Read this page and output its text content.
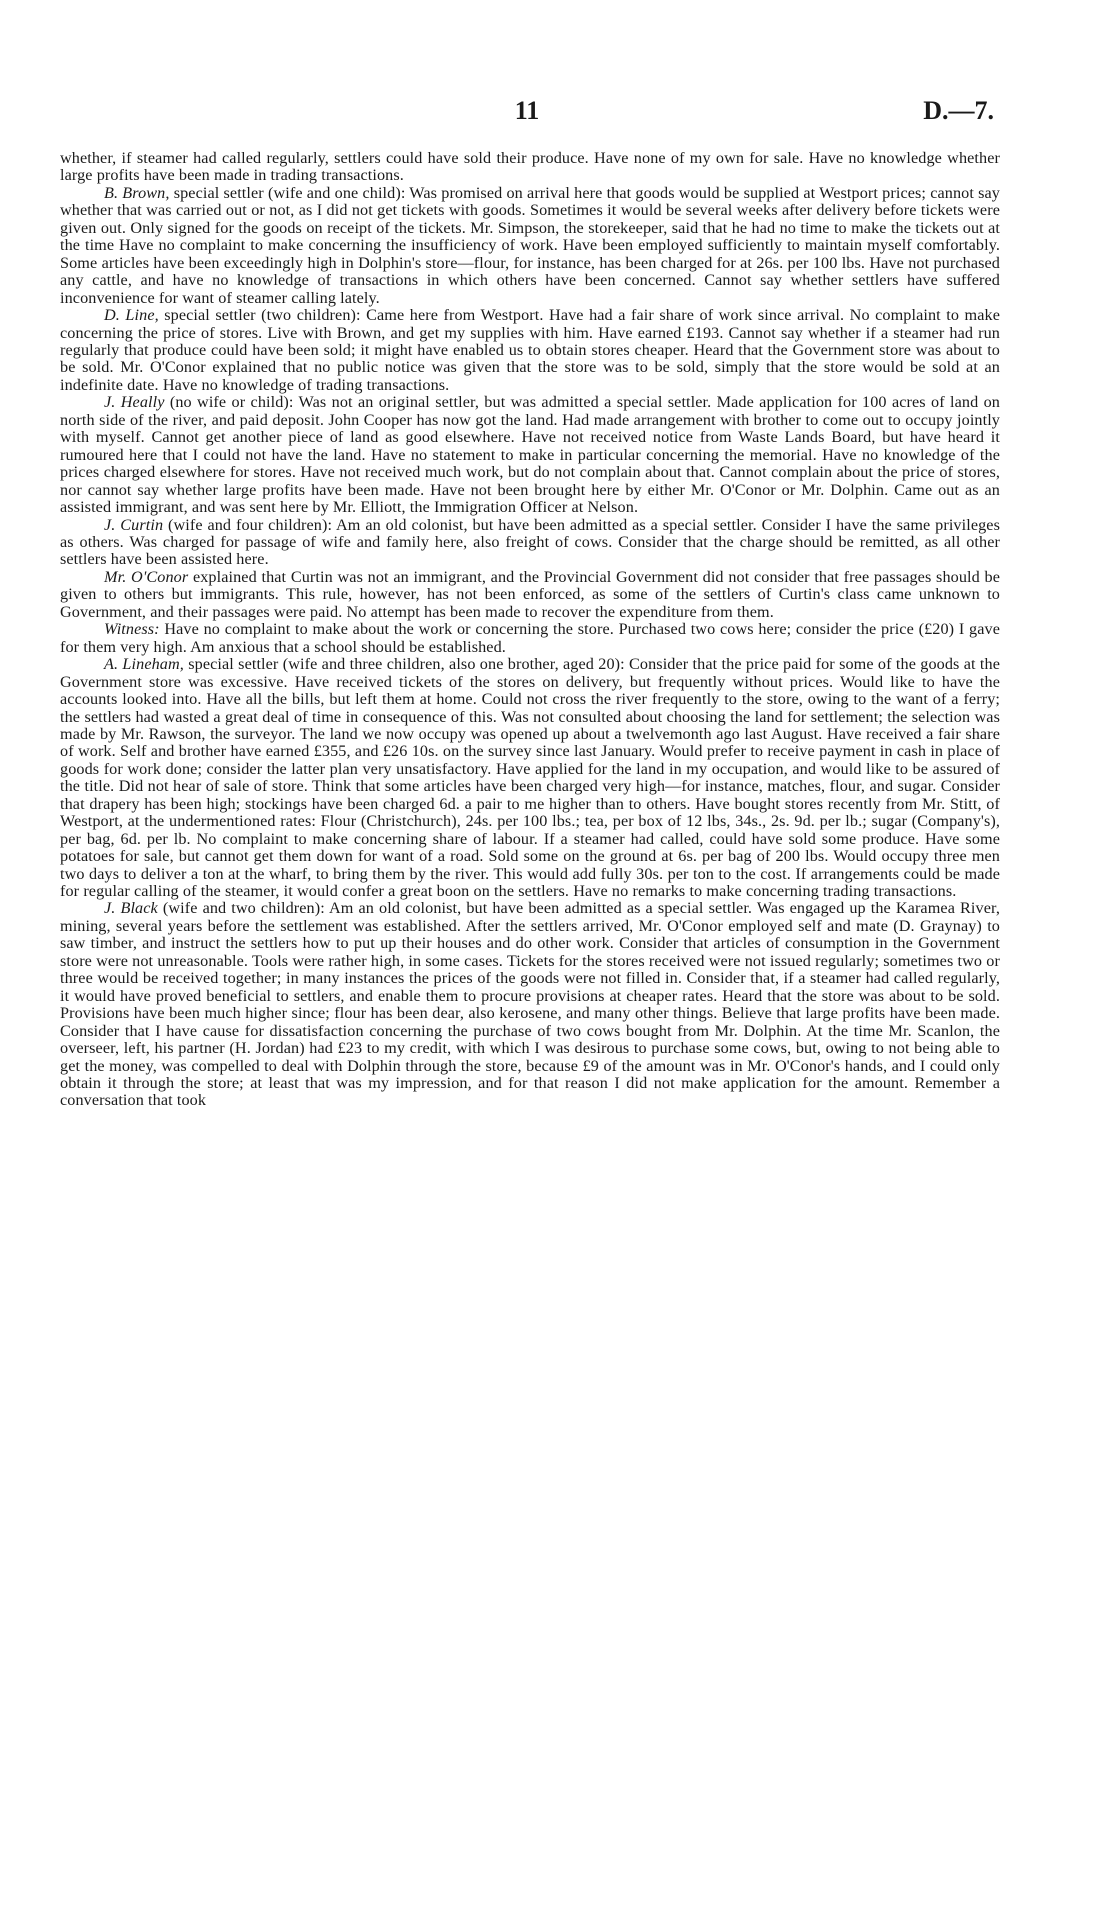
11	D.—7.

whether, if steamer had called regularly, settlers could have sold their produce. Have none of my own for sale. Have no knowledge whether large profits have been made in trading transactions.

B. Brown, special settler (wife and one child): Was promised on arrival here that goods would be supplied at Westport prices; cannot say whether that was carried out or not, as I did not get tickets with goods. Sometimes it would be several weeks after delivery before tickets were given out. Only signed for the goods on receipt of the tickets. Mr. Simpson, the storekeeper, said that he had no time to make the tickets out at the time Have no complaint to make concerning the insufficiency of work. Have been employed sufficiently to maintain myself comfortably. Some articles have been exceedingly high in Dolphin's store—flour, for instance, has been charged for at 26s. per 100 lbs. Have not purchased any cattle, and have no knowledge of transactions in which others have been concerned. Cannot say whether settlers have suffered inconvenience for want of steamer calling lately.

D. Line, special settler (two children): Came here from Westport. Have had a fair share of work since arrival. No complaint to make concerning the price of stores. Live with Brown, and get my supplies with him. Have earned £193. Cannot say whether if a steamer had run regularly that produce could have been sold; it might have enabled us to obtain stores cheaper. Heard that the Government store was about to be sold. Mr. O'Conor explained that no public notice was given that the store was to be sold, simply that the store would be sold at an indefinite date. Have no knowledge of trading transactions.

J. Heally (no wife or child): Was not an original settler, but was admitted a special settler. Made application for 100 acres of land on north side of the river, and paid deposit. John Cooper has now got the land. Had made arrangement with brother to come out to occupy jointly with myself. Cannot get another piece of land as good elsewhere. Have not received notice from Waste Lands Board, but have heard it rumoured here that I could not have the land. Have no statement to make in particular concerning the memorial. Have no knowledge of the prices charged elsewhere for stores. Have not received much work, but do not complain about that. Cannot complain about the price of stores, nor cannot say whether large profits have been made. Have not been brought here by either Mr. O'Conor or Mr. Dolphin. Came out as an assisted immigrant, and was sent here by Mr. Elliott, the Immigration Officer at Nelson.

J. Curtin (wife and four children): Am an old colonist, but have been admitted as a special settler. Consider I have the same privileges as others. Was charged for passage of wife and family here, also freight of cows. Consider that the charge should be remitted, as all other settlers have been assisted here.

Mr. O'Conor explained that Curtin was not an immigrant, and the Provincial Government did not consider that free passages should be given to others but immigrants. This rule, however, has not been enforced, as some of the settlers of Curtin's class came unknown to Government, and their passages were paid. No attempt has been made to recover the expenditure from them.

Witness: Have no complaint to make about the work or concerning the store. Purchased two cows here; consider the price (£20) I gave for them very high. Am anxious that a school should be established.

A. Lineham, special settler (wife and three children, also one brother, aged 20): Consider that the price paid for some of the goods at the Government store was excessive. Have received tickets of the stores on delivery, but frequently without prices. Would like to have the accounts looked into. Have all the bills, but left them at home. Could not cross the river frequently to the store, owing to the want of a ferry; the settlers had wasted a great deal of time in consequence of this. Was not consulted about choosing the land for settlement; the selection was made by Mr. Rawson, the surveyor. The land we now occupy was opened up about a twelvemonth ago last August. Have received a fair share of work. Self and brother have earned £355, and £26 10s. on the survey since last January. Would prefer to receive payment in cash in place of goods for work done; consider the latter plan very unsatisfactory. Have applied for the land in my occupation, and would like to be assured of the title. Did not hear of sale of store. Think that some articles have been charged very high—for instance, matches, flour, and sugar. Consider that drapery has been high; stockings have been charged 6d. a pair to me higher than to others. Have bought stores recently from Mr. Stitt, of Westport, at the undermentioned rates: Flour (Christchurch), 24s. per 100 lbs.; tea, per box of 12 lbs, 34s., 2s. 9d. per lb.; sugar (Company's), per bag, 6d. per lb. No complaint to make concerning share of labour. If a steamer had called, could have sold some produce. Have some potatoes for sale, but cannot get them down for want of a road. Sold some on the ground at 6s. per bag of 200 lbs. Would occupy three men two days to deliver a ton at the wharf, to bring them by the river. This would add fully 30s. per ton to the cost. If arrangements could be made for regular calling of the steamer, it would confer a great boon on the settlers. Have no remarks to make concerning trading transactions.

J. Black (wife and two children): Am an old colonist, but have been admitted as a special settler. Was engaged up the Karamea River, mining, several years before the settlement was established. After the settlers arrived, Mr. O'Conor employed self and mate (D. Graynay) to saw timber, and instruct the settlers how to put up their houses and do other work. Consider that articles of consumption in the Government store were not unreasonable. Tools were rather high, in some cases. Tickets for the stores received were not issued regularly; sometimes two or three would be received together; in many instances the prices of the goods were not filled in. Consider that, if a steamer had called regularly, it would have proved beneficial to settlers, and enable them to procure provisions at cheaper rates. Heard that the store was about to be sold. Provisions have been much higher since; flour has been dear, also kerosene, and many other things. Believe that large profits have been made. Consider that I have cause for dissatisfaction concerning the purchase of two cows bought from Mr. Dolphin. At the time Mr. Scanlon, the overseer, left, his partner (H. Jordan) had £23 to my credit, with which I was desirous to purchase some cows, but, owing to not being able to get the money, was compelled to deal with Dolphin through the store, because £9 of the amount was in Mr. O'Conor's hands, and I could only obtain it through the store; at least that was my impression, and for that reason I did not make application for the amount. Remember a conversation that took
